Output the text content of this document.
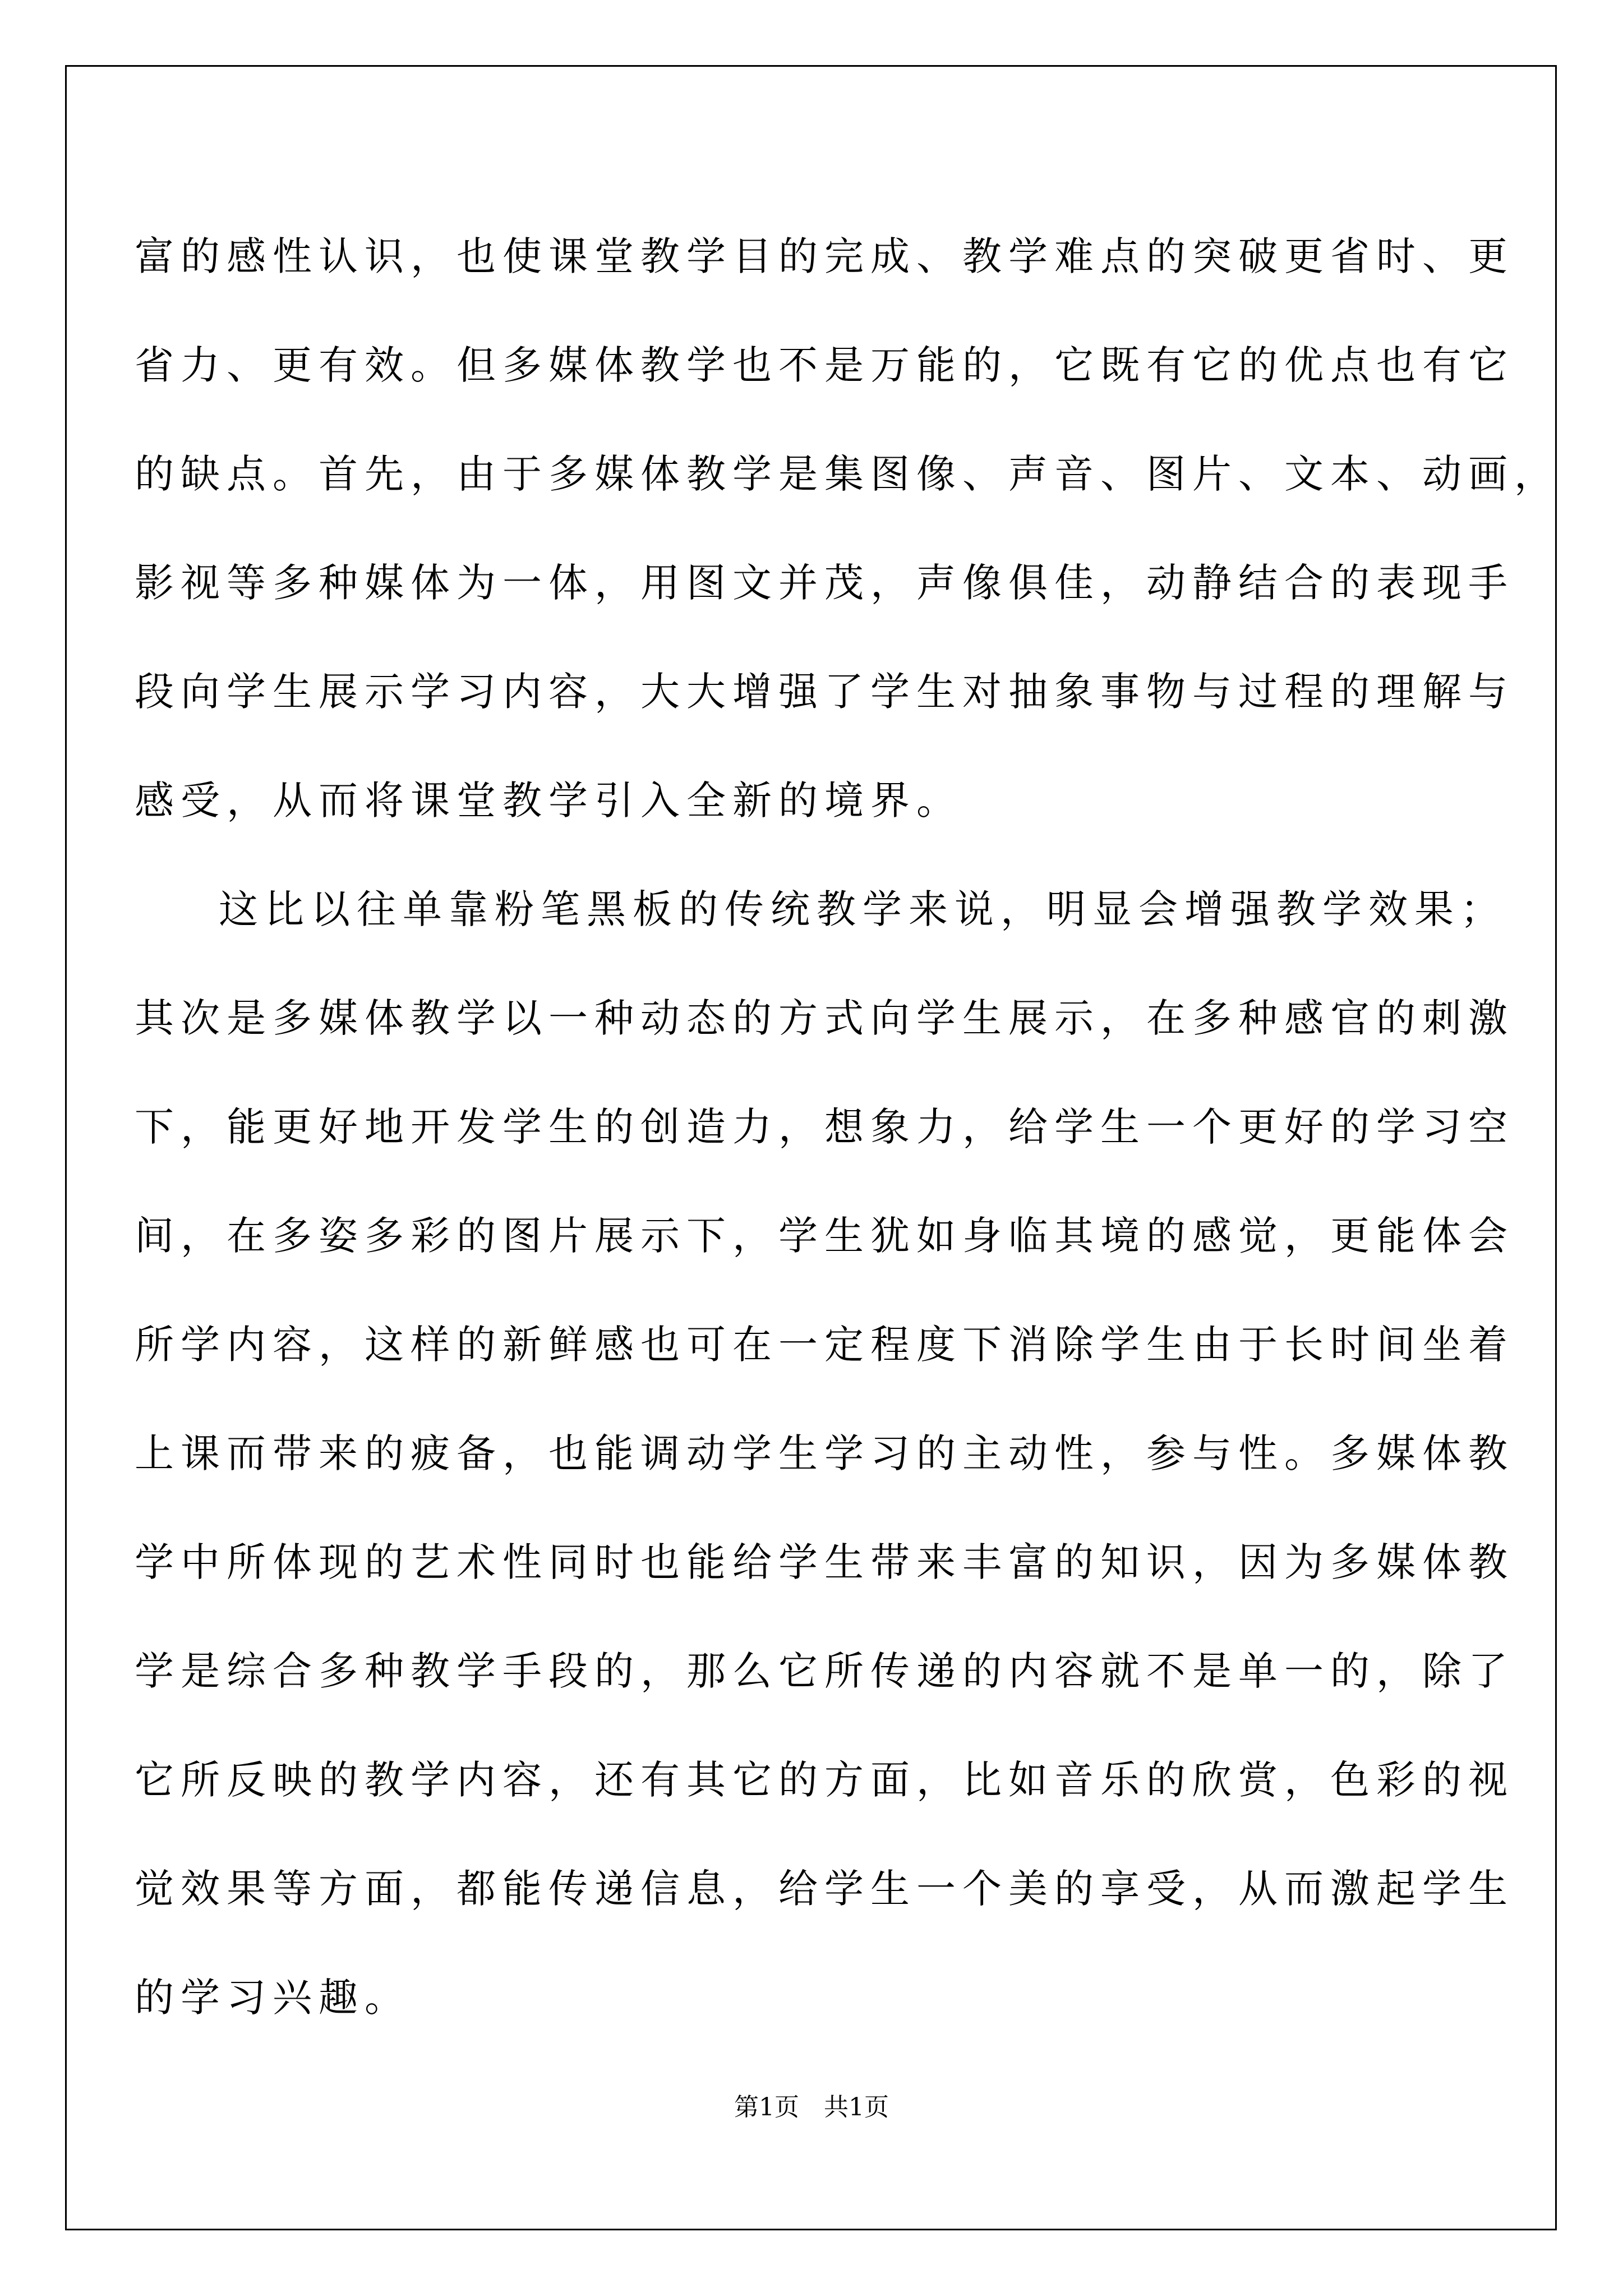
富的感性认识，也使课堂教学目的完成、教学难点的突破更省时、更
省力、更有效。但多媒体教学也不是万能的，它既有它的优点也有它
的缺点。首先，由于多媒体教学是集图像、声音、图片、文本、动画，
影视等多种媒体为一体，用图文并茂，声像俱佳，动静结合的表现手
段向学生展示学习内容，大大增强了学生对抽象事物与过程的理解与
感受，从而将课堂教学引入全新的境界。
这比以往单靠粉笔黑板的传统教学来说，明显会增强教学效果；
其次是多媒体教学以一种动态的方式向学生展示，在多种感官的刺激
下，能更好地开发学生的创造力，想象力，给学生一个更好的学习空
间，在多姿多彩的图片展示下，学生犹如身临其境的感觉，更能体会
所学内容，这样的新鲜感也可在一定程度下消除学生由于长时间坐着
上课而带来的疲备，也能调动学生学习的主动性，参与性。多媒体教
学中所体现的艺术性同时也能给学生带来丰富的知识，因为多媒体教
学是综合多种教学手段的，那么它所传递的内容就不是单一的，除了
它所反映的教学内容，还有其它的方面，比如音乐的欣赏，色彩的视
觉效果等方面，都能传递信息，给学生一个美的享受，从而激起学生
的学习兴趣。
第1页　共1页
